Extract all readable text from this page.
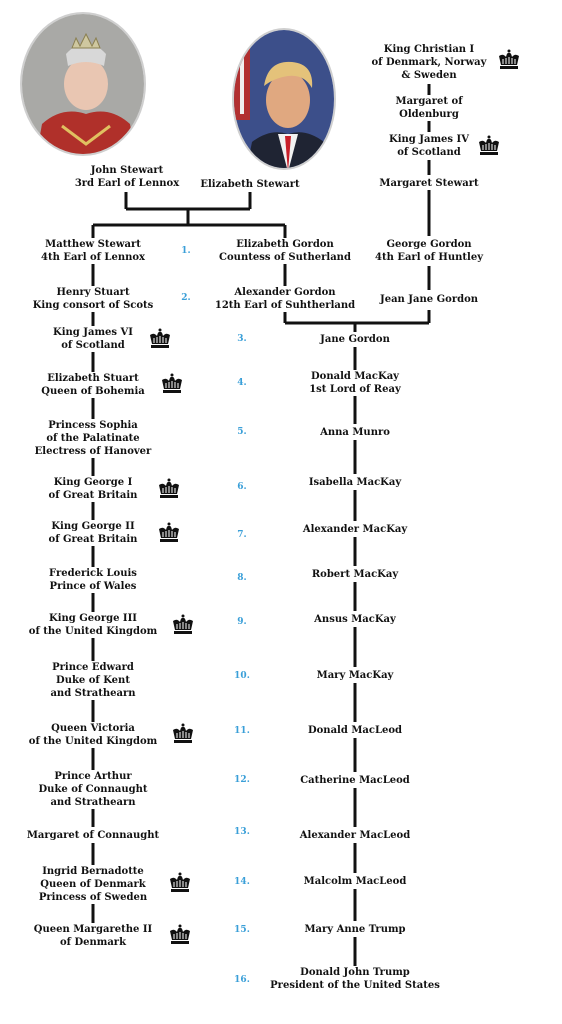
John Stewart
3rd Earl of Lennox Elizabeth Stewart
King Christian I
of Denmark, Norway
& Sweden
Margaret of Oldenburg
King James IV
of Scotland
Margaret Stewart
George Gordon
4th Earl of Huntley
Jean Jane Gordon
Matthew Stewart
4th Earl of Lennox
Henry Stuart
King consort of Scots
King James VI
of Scotland
Elizabeth Stuart
Queen of Bohemia
Princess Sophia
of the Palatinate
Electress of Hanover
King George I
of Great Britain
King George II
of Great Britain
Frederick Louis
Prince of Wales
King George III
of the United Kingdom
Prince Edward
Duke of Kent
and Strathearn
Queen Victoria
of the United Kingdom
Prince Arthur
Duke of Connaught
and Strathearn
Margaret of Connaught
Ingrid Bernadotte
Queen of Denmark
Princess of Sweden
Queen Margarethe II
of Denmark
Elizabeth Gordon
Countess of Sutherland
Alexander Gordon
12th Earl of Suhtherland
Jane Gordon
Donald MacKay
1st Lord of Reay
Anna Munro
Isabella MacKay
Alexander MacKay
Robert MacKay
Ansus MacKay
Mary MacKay
Donald MacLeod
Catherine MacLeod
Alexander MacLeod
Malcolm MacLeod
Mary Anne Trump
Donald John Trump
President of the United States
1.
2.
3.
4.
5.
6.
7.
8.
9.
10.
11.
12.
13.
14.
15.
16.
